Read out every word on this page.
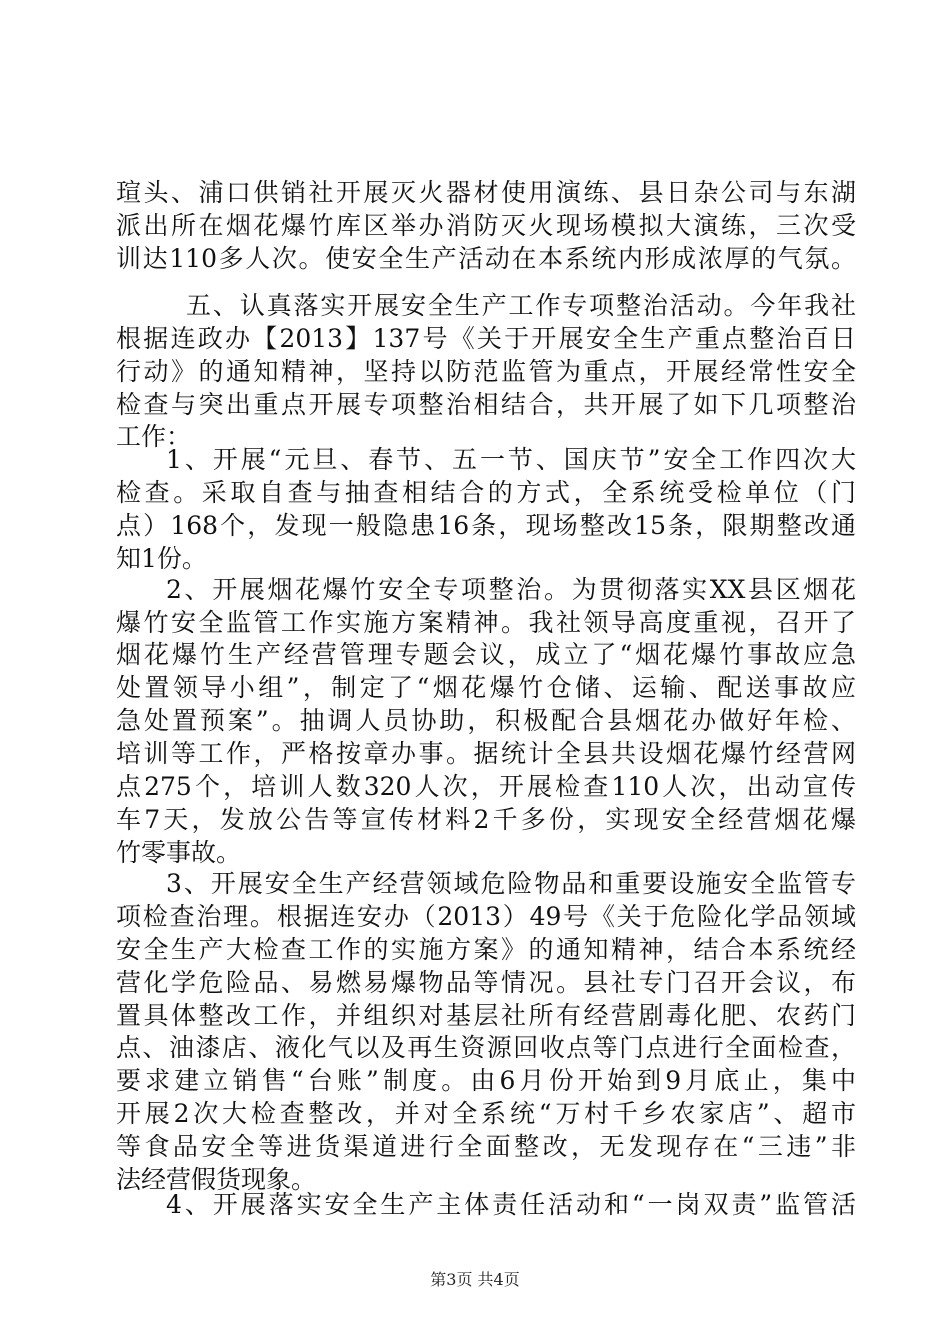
瑄头、浦口供销社开展灭火器材使用演练、县日杂公司与东湖
派出所在烟花爆竹库区举办消防灭火现场模拟大演练，三次受
训达110多人次。使安全生产活动在本系统内形成浓厚的气氛。
五、认真落实开展安全生产工作专项整治活动。今年我社
根据连政办【2013】137号《关于开展安全生产重点整治百日
行动》的通知精神，坚持以防范监管为重点，开展经常性安全
检查与突出重点开展专项整治相结合，共开展了如下几项整治
工作：
1、开展“元旦、春节、五一节、国庆节”安全工作四次大
检查。采取自查与抽查相结合的方式，全系统受检单位（门
点）168个，发现一般隐患16条，现场整改15条，限期整改通
知1份。
2、开展烟花爆竹安全专项整治。为贯彻落实XX县区烟花
爆竹安全监管工作实施方案精神。我社领导高度重视，召开了
烟花爆竹生产经营管理专题会议，成立了“烟花爆竹事故应急
处置领导小组”，制定了“烟花爆竹仓储、运输、配送事故应
急处置预案”。抽调人员协助，积极配合县烟花办做好年检、
培训等工作，严格按章办事。据统计全县共设烟花爆竹经营网
点275个，培训人数320人次，开展检查110人次，出动宣传
车7天，发放公告等宣传材料2千多份，实现安全经营烟花爆
竹零事故。
3、开展安全生产经营领域危险物品和重要设施安全监管专
项检查治理。根据连安办（2013）49号《关于危险化学品领域
安全生产大检查工作的实施方案》的通知精神，结合本系统经
营化学危险品、易燃易爆物品等情况。县社专门召开会议，布
置具体整改工作，并组织对基层社所有经营剧毒化肥、农药门
点、油漆店、液化气以及再生资源回收点等门点进行全面检查，
要求建立销售“台账”制度。由6月份开始到9月底止，集中
开展2次大检查整改，并对全系统“万村千乡农家店”、超市
等食品安全等进货渠道进行全面整改，无发现存在“三违”非
法经营假货现象。
第3页 共4页
4、开展落实安全生产主体责任活动和“一岗双责”监管活
